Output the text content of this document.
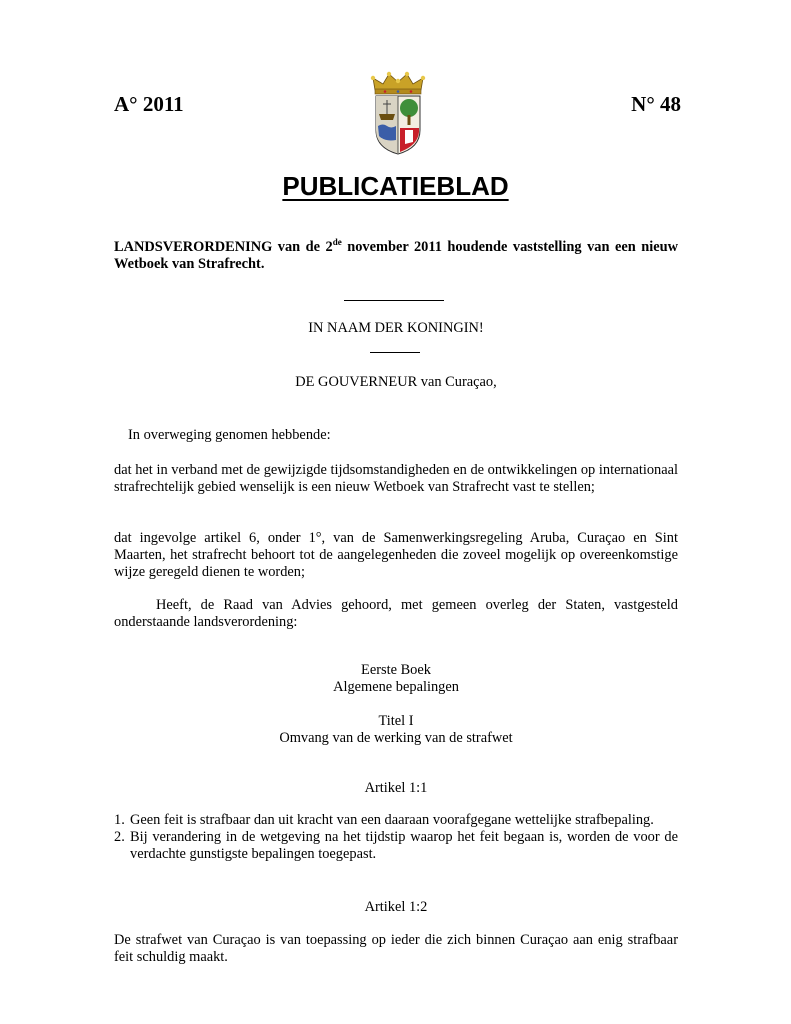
A° 2011	N° 48
PUBLICATIEBLAD
LANDSVERORDENING van de 2de november 2011 houdende vaststelling van een nieuw Wetboek van Strafrecht.
IN NAAM DER KONINGIN!
DE GOUVERNEUR van Curaçao,
In overweging genomen hebbende:
dat het in verband met de gewijzigde tijdsomstandigheden en de ontwikkelingen op internationaal strafrechtelijk gebied wenselijk is een nieuw Wetboek van Strafrecht vast te stellen;
dat ingevolge artikel 6, onder 1°, van de Samenwerkingsregeling Aruba, Curaçao en Sint Maarten, het strafrecht behoort tot de aangelegenheden die zoveel mogelijk op overeenkomstige wijze geregeld dienen te worden;
Heeft, de Raad van Advies gehoord, met gemeen overleg der Staten, vastgesteld onderstaande landsverordening:
Eerste Boek
Algemene bepalingen
Titel I
Omvang van de werking van de strafwet
Artikel 1:1
1. Geen feit is strafbaar dan uit kracht van een daaraan voorafgegane wettelijke strafbepaling.
2. Bij verandering in de wetgeving na het tijdstip waarop het feit begaan is, worden de voor de verdachte gunstigste bepalingen toegepast.
Artikel 1:2
De strafwet van Curaçao is van toepassing op ieder die zich binnen Curaçao aan enig strafbaar feit schuldig maakt.
